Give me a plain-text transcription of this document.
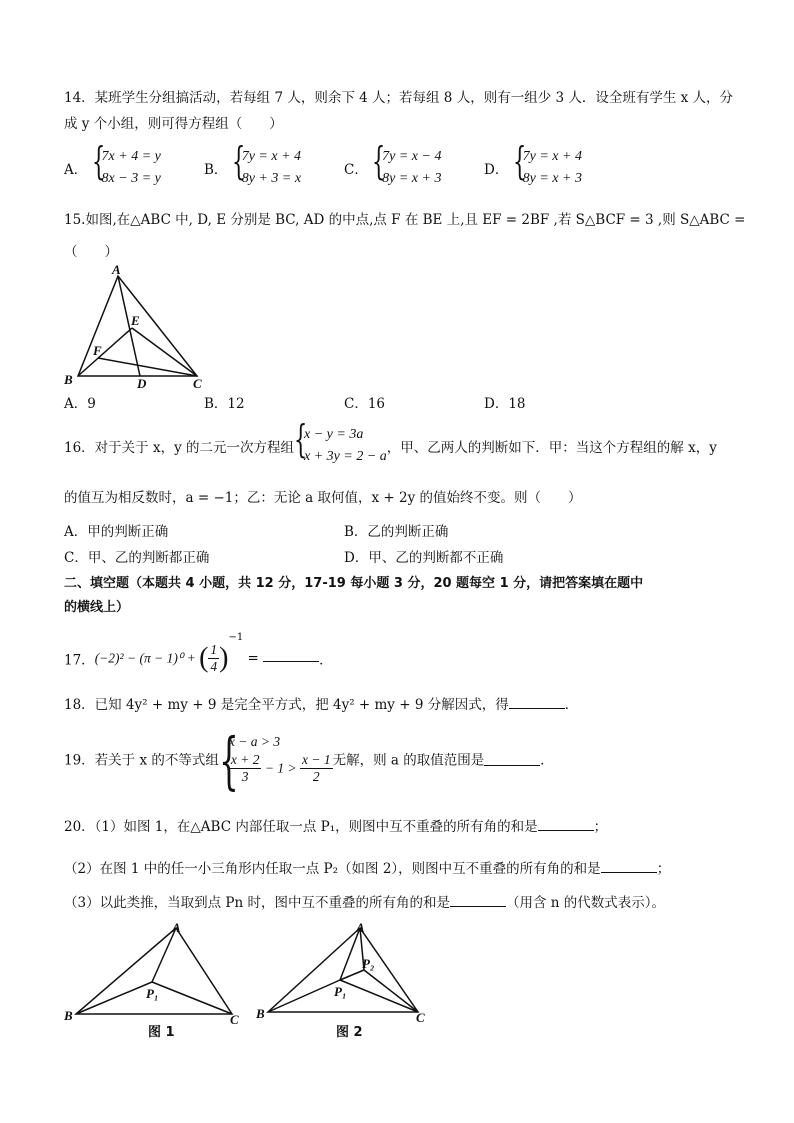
14．某班学生分组搞活动，若每组 7 人，则余下 4 人；若每组 8 人，则有一组少 3 人．设全班有学生 x 人，分
成 y 个小组，则可得方程组（　　）
A． {
7x + 4 = y
8x − 3 = y
B． {
7y = x + 4
8y + 3 = x
C． {
7y = x − 4
8y = x + 3
D． {
7y = x + 4
8y = x + 3
15.如图,在△ABC 中, D, E 分别是 BC, AD 的中点,点 F 在 BE 上,且 EF = 2BF ,若 S△BCF = 3 ,则 S△ABC =
（　　）
A
B	C
D
E
F
A．9	B．12	C．16	D．18
16．对于关于 x，y 的二元一次方程组 {
x − y = 3a
x + 3y = 2 − a
，甲、乙两人的判断如下．甲：当这个方程组的解 x，y
的值互为相反数时，a = −1；乙：无论 a 取何值，x + 2y 的值始终不变。则（　　）
A．甲的判断正确	B．乙的判断正确
C．甲、乙的判断都正确	D．甲、乙的判断都不正确
二、填空题（本题共 4 小题，共 12 分，17-19 每小题 3 分，20 题每空 1 分，请把答案填在题中
的横线上）
17．(−2)² − (π − 1)⁰ + ( $\frac{1}{4} )^{-1}$ =	．
18．已知 4y² + my + 9 是完全平方式，把 4y² + my + 9 分解因式，得	．
19．若关于 x 的不等式组 {
x − a > 3
$\frac{x + 2}{3} - 1 > \frac{x - 1}{2}$ 无解，则 a 的取值范围是	．
20．（1）如图 1，在△ABC 内部任取一点 P₁，则图中互不重叠的所有角的和是	；
（2）在图 1 中的任一小三角形内任取一点 P₂（如图 2），则图中互不重叠的所有角的和是	；
（3）以此类推，当取到点 Pn 时，图中互不重叠的所有角的和是	（用含 n 的代数式表示）。
A
B	C
P₁
图 1
A
B	C
P₁
P₂
图 2
